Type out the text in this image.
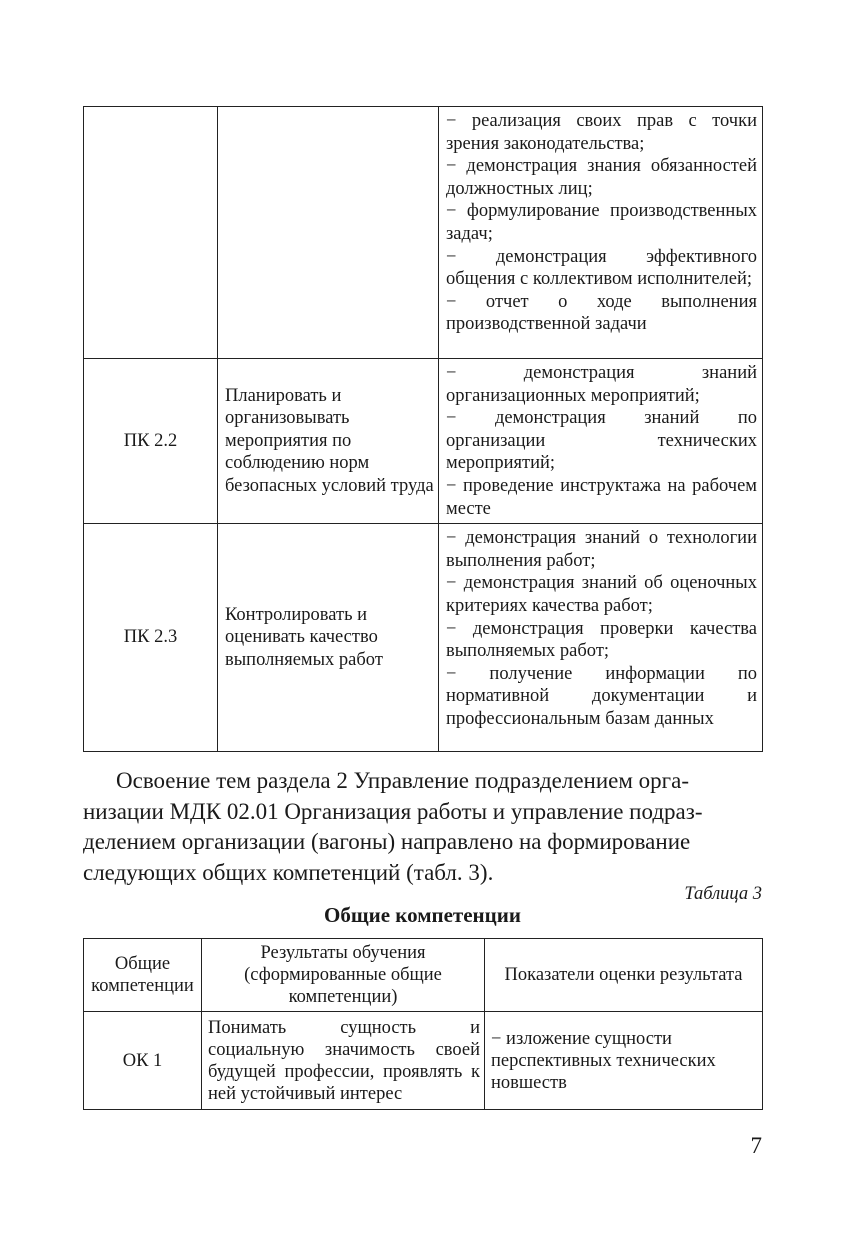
		− реализация своих прав с точки зрения законодательства;

− демонстрация знания обязанностей должностных лиц;

− формулирование производственных задач;

− демонстрация эффективного общения с коллективом исполнителей;

− отчет о ходе выполнения производственной задачи

ПК 2.2	Планировать и организовывать мероприятия по соблюдению норм безопасных условий труда	− демонстрация знаний организационных мероприятий;

− демонстрация знаний по организации технических мероприятий;

− проведение инструктажа на рабочем месте

ПК 2.3	Контролировать и оценивать качество выполняемых работ	− демонстрация знаний о технологии выполнения работ;

− демонстрация знаний об оценочных критериях качества работ;

− демонстрация проверки качества выполняемых работ;

− получение информации по нормативной документации и профессиональным базам данных

Освоение тем раздела 2 Управление подразделением орга-
низации МДК 02.01 Организация работы и управление подраз-
делением организации (вагоны) направлено на формирование
следующих общих компетенций (табл. 3).
Таблица 3
Общие компетенции
Общие компетенции	Результаты обучения (сформированные общие компетенции)	Показатели оценки результата
ОК 1	Понимать сущность и социальную значимость своей будущей профессии, проявлять к ней устойчивый интерес	− изложение сущности перспективных технических новшеств
7
